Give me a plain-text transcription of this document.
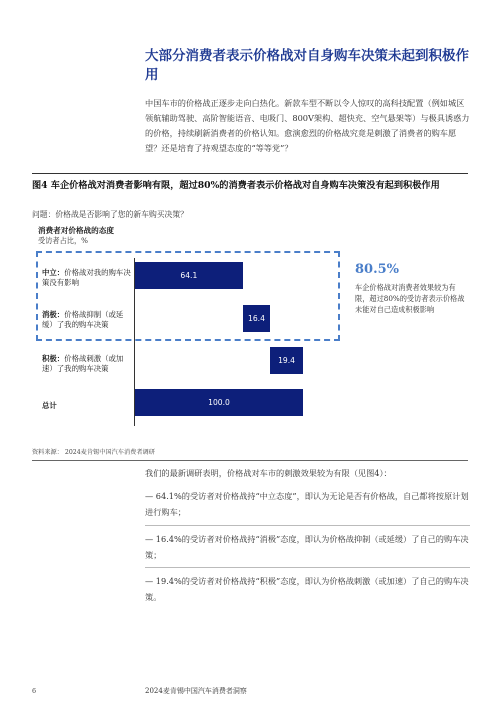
大部分消费者表示价格战对自身购车决策未起到积极作用
中国车市的价格战正逐步走向白热化。新款车型不断以令人惊叹的高科技配置（例如城区领航辅助驾驶、高阶智能语音、电吸门、800V架构、超快充、空气悬架等）与极具诱惑力的价格，持续刷新消费者的价格认知。愈演愈烈的价格战究竟是刺激了消费者的购车愿望？还是培育了持观望态度的“等等党”？
图4 车企价格战对消费者影响有限，超过80%的消费者表示价格战对自身购车决策没有起到积极作用
问题：价格战是否影响了您的新车购买决策？
消费者对价格战的态度
受访者占比，%
中立：价格战对我的购车决策没有影响
消极：价格战抑制（或延缓）了我的购车决策
积极：价格战刺激（或加速）了我的购车决策
总计
64.1
16.4
19.4
100.0
80.5%
车企价格战对消费者效果较为有限，超过80%的受访者表示价格战未能对自己造成积极影响
资料来源： 2024麦肯锡中国汽车消费者调研
我们的最新调研表明，价格战对车市的刺激效果较为有限（见图4）：
— 64.1%的受访者对价格战持“中立态度”，即认为无论是否有价格战，自己都将按原计划进行购车；
— 16.4%的受访者对价格战持“消极”态度，即认为价格战抑制（或延缓）了自己的购车决策；
— 19.4%的受访者对价格战持“积极”态度，即认为价格战刺激（或加速）了自己的购车决策。
6	2024麦肯锡中国汽车消费者洞察
